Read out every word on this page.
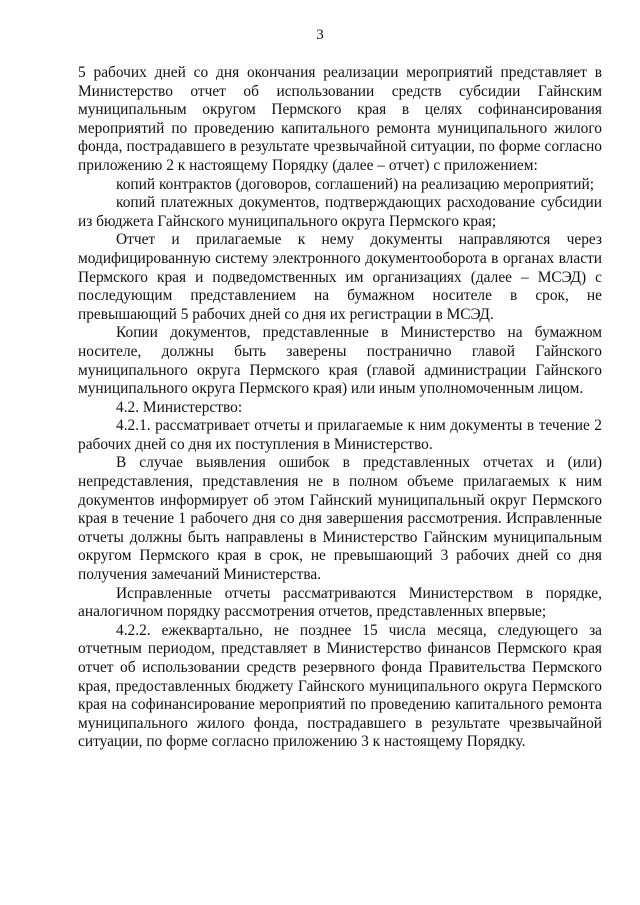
3

5 рабочих дней со дня окончания реализации мероприятий представляет в Министерство отчет об использовании средств субсидии Гайнским муниципальным округом Пермского края в целях софинансирования мероприятий по проведению капитального ремонта муниципального жилого фонда, пострадавшего в результате чрезвычайной ситуации, по форме согласно приложению 2 к настоящему Порядку (далее – отчет) с приложением:

копий контрактов (договоров, соглашений) на реализацию мероприятий;

копий платежных документов, подтверждающих расходование субсидии из бюджета Гайнского муниципального округа Пермского края;

Отчет и прилагаемые к нему документы направляются через модифицированную систему электронного документооборота в органах власти Пермского края и подведомственных им организациях (далее – МСЭД) с последующим представлением на бумажном носителе в срок, не превышающий 5 рабочих дней со дня их регистрации в МСЭД.

Копии документов, представленные в Министерство на бумажном носителе, должны быть заверены постранично главой Гайнского муниципального округа Пермского края (главой администрации Гайнского муниципального округа Пермского края) или иным уполномоченным лицом.

4.2. Министерство:

4.2.1. рассматривает отчеты и прилагаемые к ним документы в течение 2 рабочих дней со дня их поступления в Министерство.

В случае выявления ошибок в представленных отчетах и (или) непредставления, представления не в полном объеме прилагаемых к ним документов информирует об этом Гайнский муниципальный округ Пермского края в течение 1 рабочего дня со дня завершения рассмотрения. Исправленные отчеты должны быть направлены в Министерство Гайнским муниципальным округом Пермского края в срок, не превышающий 3 рабочих дней со дня получения замечаний Министерства.

Исправленные отчеты рассматриваются Министерством в порядке, аналогичном порядку рассмотрения отчетов, представленных впервые;

4.2.2. ежеквартально, не позднее 15 числа месяца, следующего за отчетным периодом, представляет в Министерство финансов Пермского края отчет об использовании средств резервного фонда Правительства Пермского края, предоставленных бюджету Гайнского муниципального округа Пермского края на софинансирование мероприятий по проведению капитального ремонта муниципального жилого фонда, пострадавшего в результате чрезвычайной ситуации, по форме согласно приложению 3 к настоящему Порядку.
